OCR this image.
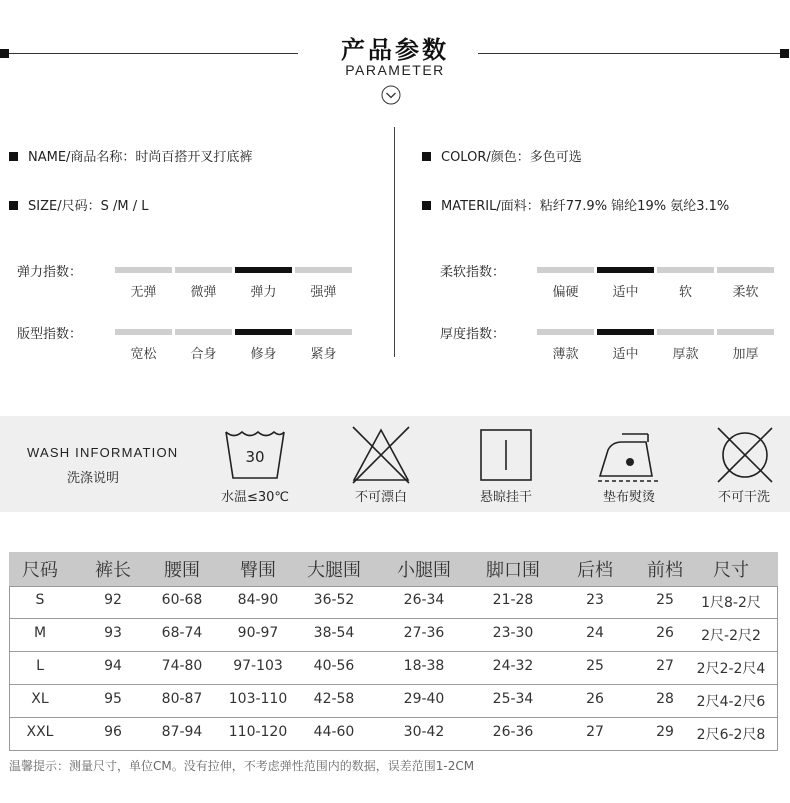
产品参数
PARAMETER
NAME/商品名称：时尚百搭开叉打底裤
SIZE/尺码：S /M / L
COLOR/颜色：多色可选
MATERIL/面料：粘纤77.9% 锦纶19% 氨纶3.1%
弹力指数：
无弹	微弹	弹力	强弹
版型指数：
宽松	合身	修身	紧身
柔软指数：
偏硬	适中	软	柔软
厚度指数：
薄款	适中	厚款	加厚
WASH INFORMATION
洗涤说明
30
水温≤30℃	不可漂白	悬晾挂干	垫布熨烫	不可干洗
尺码	裤长	腰围	臀围	大腿围	小腿围	脚口围	后档	前档	尺寸
S	92	60-68	84-90	36-52	26-34	21-28	23	25	1尺8-2尺
M	93	68-74	90-97	38-54	27-36	23-30	24	26	2尺-2尺2
L	94	74-80	97-103	40-56	18-38	24-32	25	27	2尺2-2尺4
XL	95	80-87	103-110	42-58	29-40	25-34	26	28	2尺4-2尺6
XXL	96	87-94	110-120	44-60	30-42	26-36	27	29	2尺6-2尺8
温馨提示：测量尺寸，单位CM。没有拉伸，不考虑弹性范围内的数据，误差范围1-2CM
